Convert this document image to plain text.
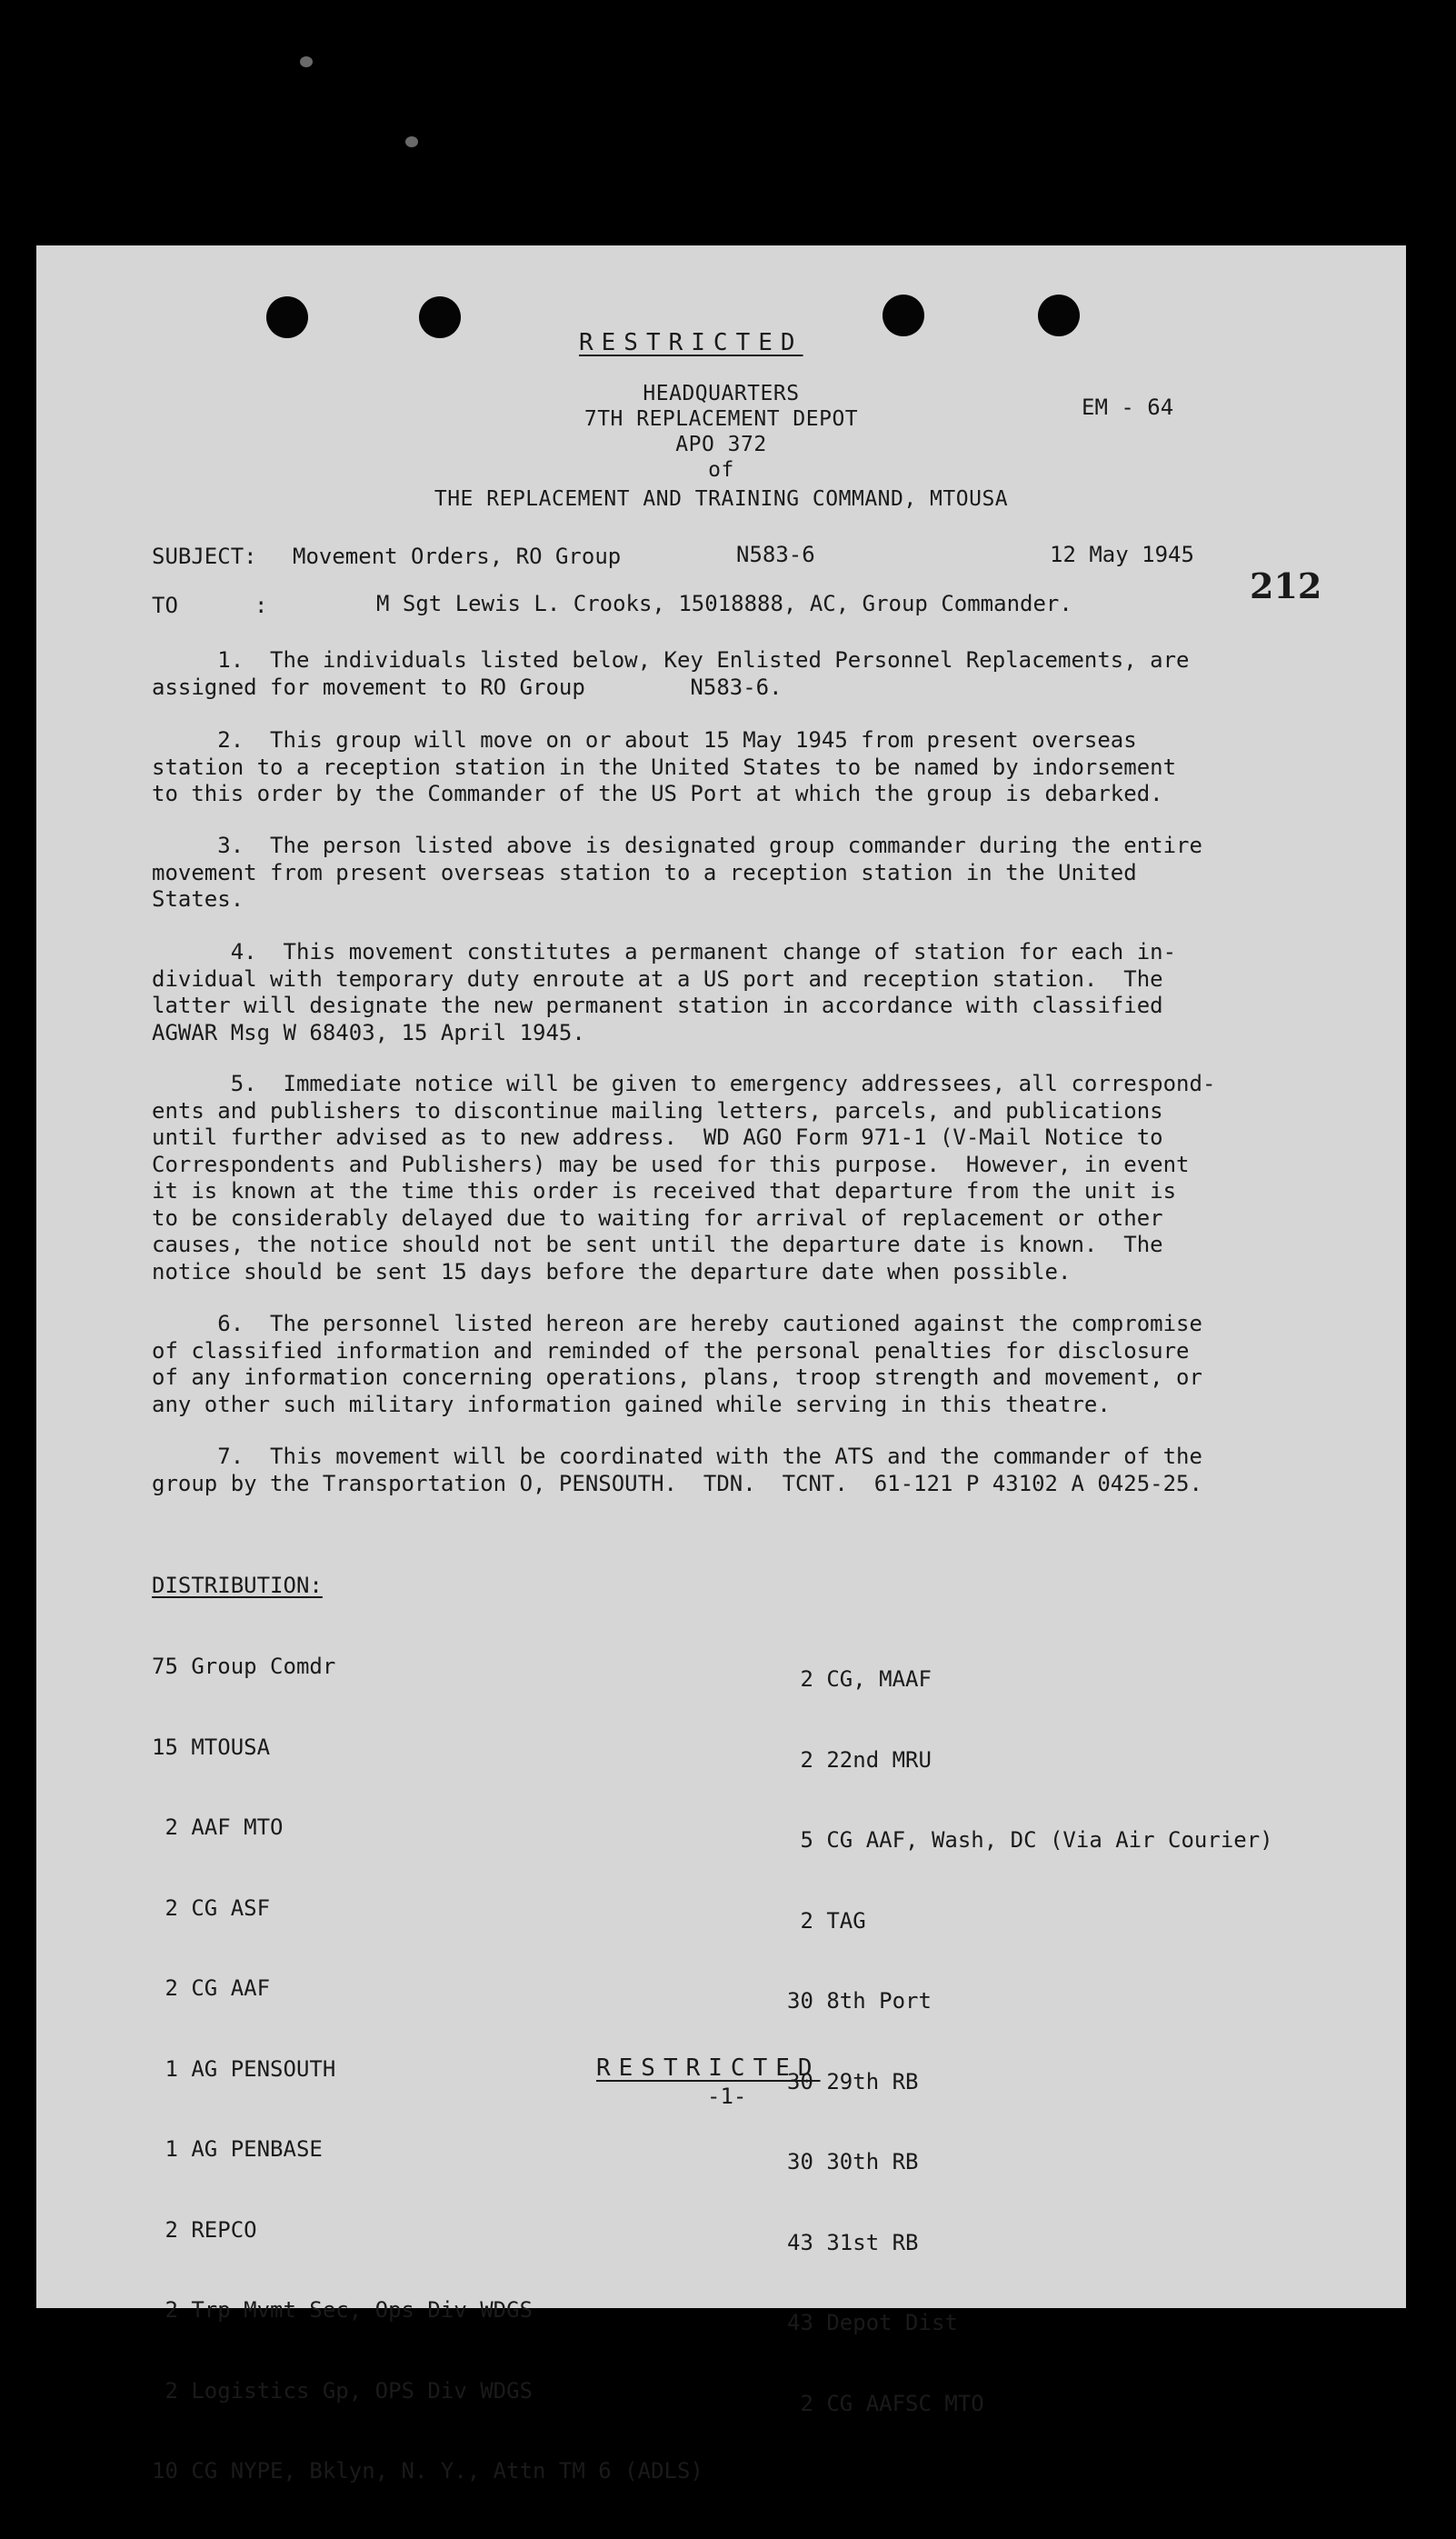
RESTRICTED
HEADQUARTERS
7TH REPLACEMENT DEPOT
APO 372
of
THE REPLACEMENT AND TRAINING COMMAND, MTOUSA
EM - 64
SUBJECT: Movement Orders, RO Group	N583-6	12 May 1945
212
TO	:	M Sgt Lewis L. Crooks, 15018888, AC, Group Commander.
1.  The individuals listed below, Key Enlisted Personnel Replacements, are
assigned for movement to RO Group        N583-6.
2.  This group will move on or about 15 May 1945 from present overseas
station to a reception station in the United States to be named by indorsement
to this order by the Commander of the US Port at which the group is debarked.
3.  The person listed above is designated group commander during the entire
movement from present overseas station to a reception station in the United
States.
4.  This movement constitutes a permanent change of station for each in-
dividual with temporary duty enroute at a US port and reception station.  The
latter will designate the new permanent station in accordance with classified
AGWAR Msg W 68403, 15 April 1945.
5.  Immediate notice will be given to emergency addressees, all correspond-
ents and publishers to discontinue mailing letters, parcels, and publications
until further advised as to new address.  WD AGO Form 971-1 (V-Mail Notice to
Correspondents and Publishers) may be used for this purpose.  However, in event
it is known at the time this order is received that departure from the unit is
to be considerably delayed due to waiting for arrival of replacement or other
causes, the notice should not be sent until the departure date is known.  The
notice should be sent 15 days before the departure date when possible.
6.  The personnel listed hereon are hereby cautioned against the compromise
of classified information and reminded of the personal penalties for disclosure
of any information concerning operations, plans, troop strength and movement, or
any other such military information gained while serving in this theatre.
7.  This movement will be coordinated with the ATS and the commander of the
group by the Transportation O, PENSOUTH.  TDN.  TCNT.  61-121 P 43102 A 0425-25.
DISTRIBUTION:

75 Group Comdr

15 MTOUSA

2 AAF MTO

2 CG ASF

2 CG AAF

1 AG PENSOUTH

1 AG PENBASE

2 REPCO

2 Trp Mvmt Sec, Ops Div WDGS

2 Logistics Gp, OPS Div WDGS

10 CG NYPE, Bklyn, N. Y., Attn TM 6 (ADLS)

2 CG, MAAF

2 22nd MRU

5 CG AAF, Wash, DC (Via Air Courier)

2 TAG

30 8th Port

30 29th RB

30 30th RB

43 31st RB

43 Depot Dist

2 CG AAFSC MTO

RESTRICTED
-1-
